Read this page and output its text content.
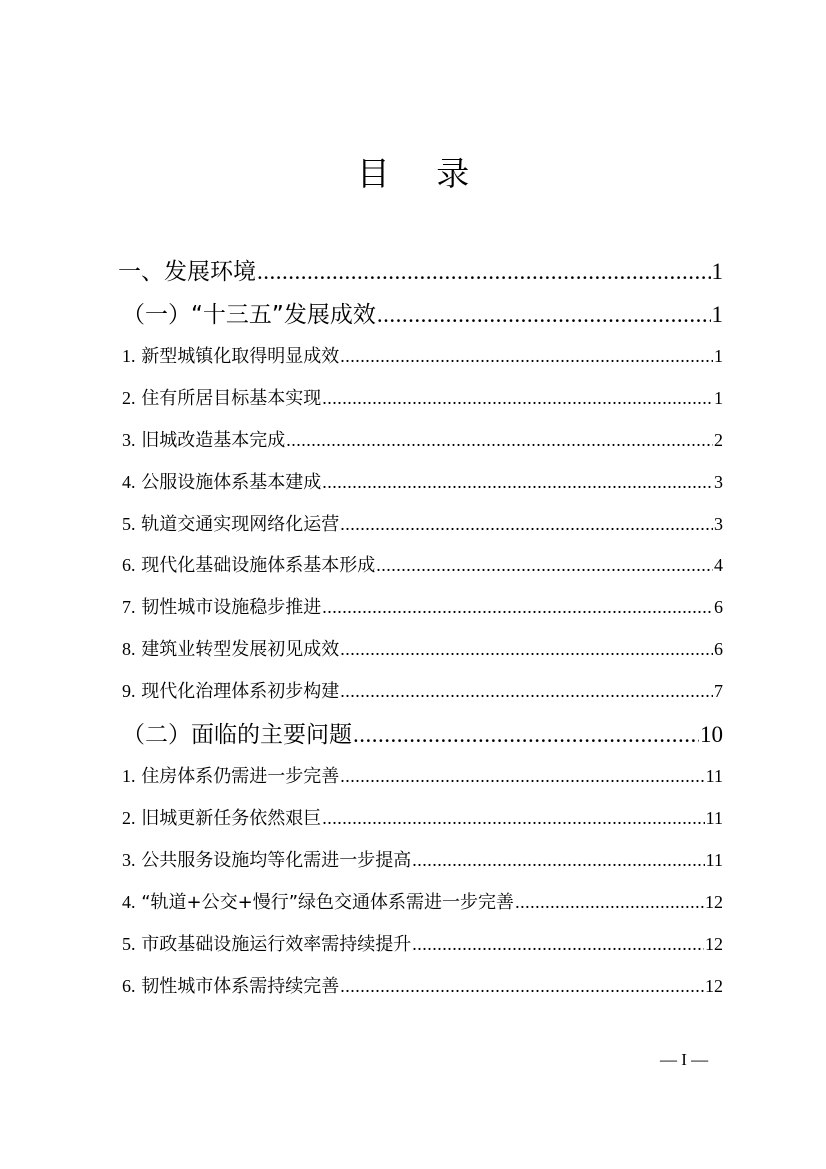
目 录
一、发展环境 .....	1
（一）“十三五”发展成效 .....	1
1. 新型城镇化取得明显成效 .....	1
2. 住有所居目标基本实现 .....	1
3. 旧城改造基本完成 .....	2
4. 公服设施体系基本建成 .....	3
5. 轨道交通实现网络化运营 .....	3
6. 现代化基础设施体系基本形成 .....	4
7. 韧性城市设施稳步推进 .....	6
8. 建筑业转型发展初见成效 .....	6
9. 现代化治理体系初步构建 .....	7
（二）面临的主要问题 .....	10
1. 住房体系仍需进一步完善 .....	11
2. 旧城更新任务依然艰巨 .....	11
3. 公共服务设施均等化需进一步提高 .....	11
4. “轨道+公交+慢行”绿色交通体系需进一步完善 .....	12
5. 市政基础设施运行效率需持续提升 .....	12
6. 韧性城市体系需持续完善 .....	12
— I —
